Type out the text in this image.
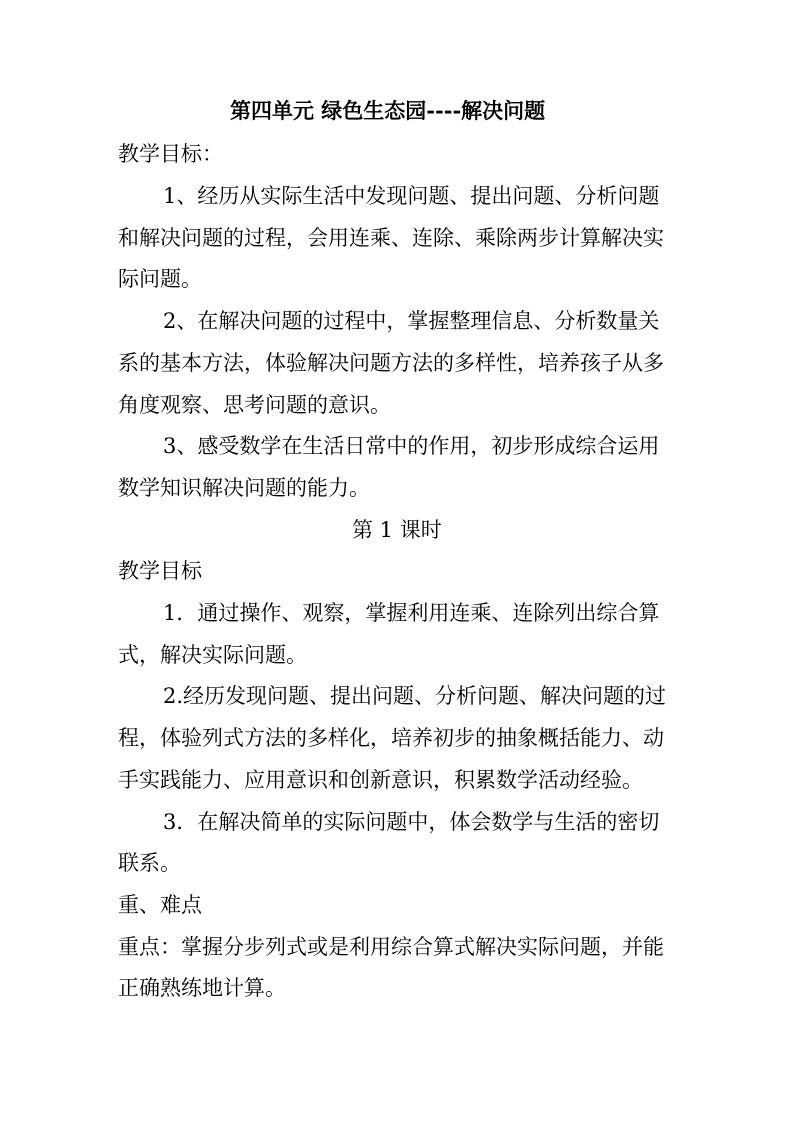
第四单元 绿色生态园----解决问题
教学目标：
1、经历从实际生活中发现问题、提出问题、分析问题
和解决问题的过程，会用连乘、连除、乘除两步计算解决实
际问题。
2、在解决问题的过程中，掌握整理信息、分析数量关
系的基本方法，体验解决问题方法的多样性，培养孩子从多
角度观察、思考问题的意识。
3、感受数学在生活日常中的作用，初步形成综合运用
数学知识解决问题的能力。
第 1 课时
教学目标
1．通过操作、观察，掌握利用连乘、连除列出综合算
式，解决实际问题。
2.经历发现问题、提出问题、分析问题、解决问题的过
程，体验列式方法的多样化，培养初步的抽象概括能力、动
手实践能力、应用意识和创新意识，积累数学活动经验。
3．在解决简单的实际问题中，体会数学与生活的密切
联系。
重、难点
重点：掌握分步列式或是利用综合算式解决实际问题，并能
正确熟练地计算。
